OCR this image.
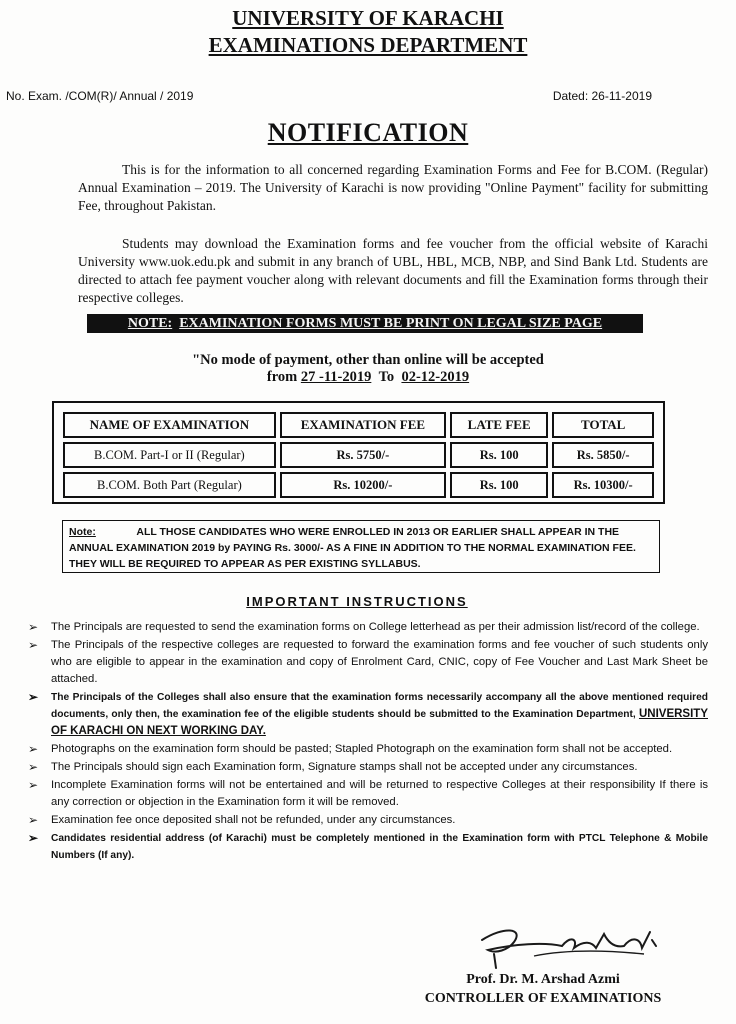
UNIVERSITY OF KARACHI
EXAMINATIONS DEPARTMENT
No. Exam. /COM(R)/ Annual / 2019	Dated: 26-11-2019
NOTIFICATION
This is for the information to all concerned regarding Examination Forms and Fee for B.COM. (Regular) Annual Examination – 2019. The University of Karachi is now providing "Online Payment" facility for submitting Fee, throughout Pakistan.
Students may download the Examination forms and fee voucher from the official website of Karachi University www.uok.edu.pk and submit in any branch of UBL, HBL, MCB, NBP, and Sind Bank Ltd. Students are directed to attach fee payment voucher along with relevant documents and fill the Examination forms through their respective colleges.
NOTE: EXAMINATION FORMS MUST BE PRINT ON LEGAL SIZE PAGE
"No mode of payment, other than online will be accepted
from 27 -11-2019 To 02-12-2019
NAME OF EXAMINATION	EXAMINATION FEE	LATE FEE	TOTAL
B.COM. Part-I or II (Regular)	Rs. 5750/-	Rs. 100	Rs. 5850/-
B.COM. Both Part (Regular)	Rs. 10200/-	Rs. 100	Rs. 10300/-
Note:	ALL THOSE CANDIDATES WHO WERE ENROLLED IN 2013 OR EARLIER SHALL APPEAR IN THE ANNUAL EXAMINATION 2019 by PAYING Rs. 3000/- AS A FINE IN ADDITION TO THE NORMAL EXAMINATION FEE. THEY WILL BE REQUIRED TO APPEAR AS PER EXISTING SYLLABUS.
IMPORTANT INSTRUCTIONS
➢ The Principals are requested to send the examination forms on College letterhead as per their admission list/record of the college.
➢ The Principals of the respective colleges are requested to forward the examination forms and fee voucher of such students only who are eligible to appear in the examination and copy of Enrolment Card, CNIC, copy of Fee Voucher and Last Mark Sheet be attached.
➢ The Principals of the Colleges shall also ensure that the examination forms necessarily accompany all the above mentioned required documents, only then, the examination fee of the eligible students should be submitted to the Examination Department, UNIVERSITY OF KARACHI ON NEXT WORKING DAY.
➢ Photographs on the examination form should be pasted; Stapled Photograph on the examination form shall not be accepted.
➢ The Principals should sign each Examination form, Signature stamps shall not be accepted under any circumstances.
➢ Incomplete Examination forms will not be entertained and will be returned to respective Colleges at their responsibility If there is any correction or objection in the Examination form it will be removed.
➢ Examination fee once deposited shall not be refunded, under any circumstances.
➢ Candidates residential address (of Karachi) must be completely mentioned in the Examination form with PTCL Telephone & Mobile Numbers (If any).
Prof. Dr. M. Arshad Azmi
CONTROLLER OF EXAMINATIONS
